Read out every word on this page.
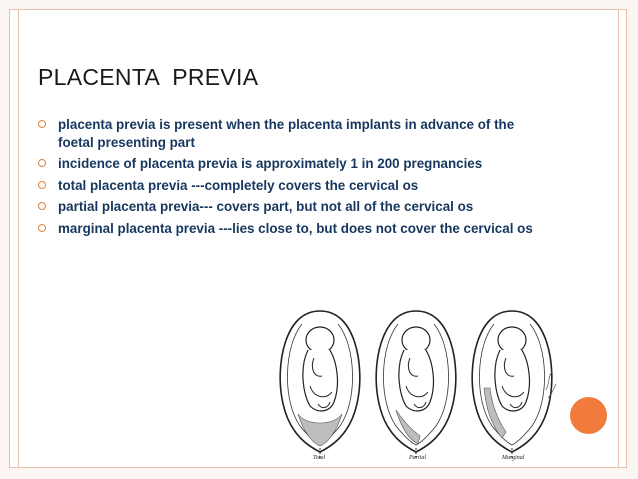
PLACENTA  PREVIA
placenta previa is present when the placenta implants in advance of the foetal presenting part
incidence of placenta previa is approximately 1 in 200 pregnancies
total placenta previa ---completely covers the cervical os
partial placenta previa--- covers part, but not all of the cervical os
marginal placenta previa ---lies close to, but does not cover the cervical os
Total	Partial	Marginal
